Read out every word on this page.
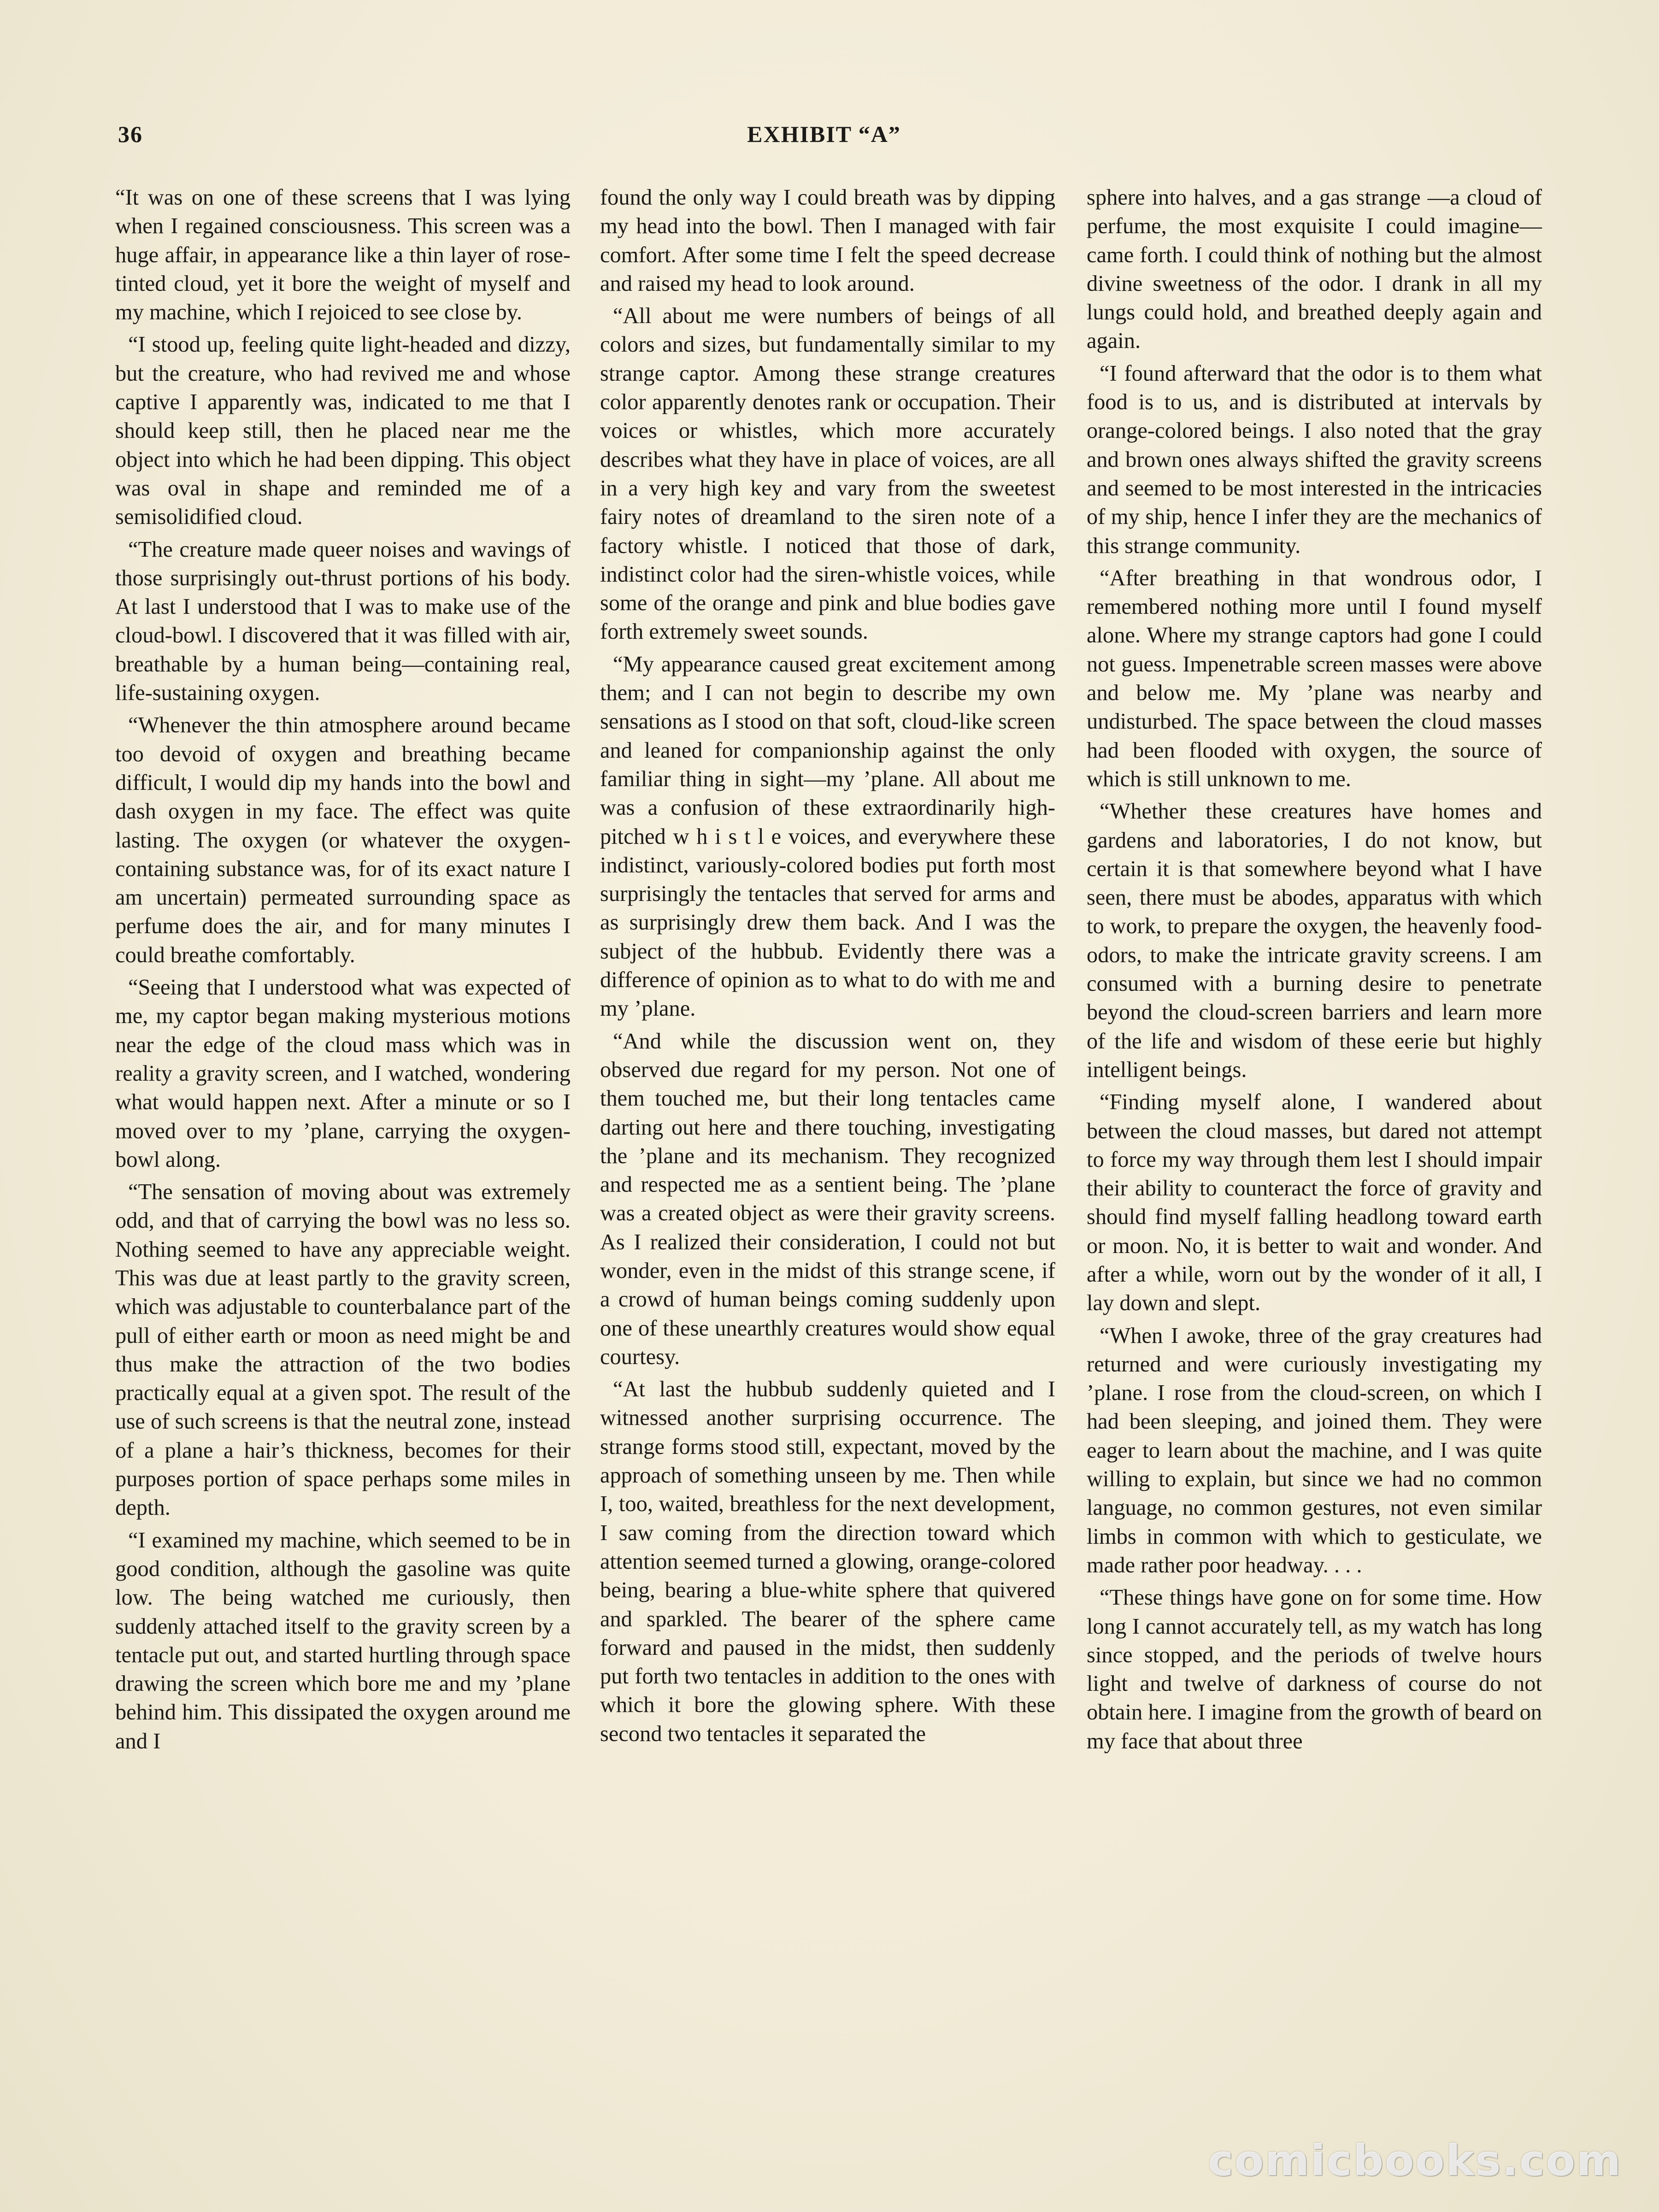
36	EXHIBIT “A”

“It was on one of these screens that I was lying when I regained consciousness. This screen was a huge affair, in appearance like a thin layer of rose-tinted cloud, yet it bore the weight of myself and my machine, which I rejoiced to see close by.

“I stood up, feeling quite light-headed and dizzy, but the creature, who had revived me and whose captive I apparently was, indicated to me that I should keep still, then he placed near me the object into which he had been dipping. This object was oval in shape and reminded me of a semisolidified cloud.

“The creature made queer noises and wavings of those surprisingly out-thrust portions of his body. At last I understood that I was to make use of the cloud-bowl. I discovered that it was filled with air, breathable by a human being—containing real, life-sustaining oxygen.

“Whenever the thin atmosphere around became too devoid of oxygen and breathing became difficult, I would dip my hands into the bowl and dash oxygen in my face. The effect was quite lasting. The oxygen (or whatever the oxygen-containing substance was, for of its exact nature I am uncertain) permeated surrounding space as perfume does the air, and for many minutes I could breathe comfortably.

“Seeing that I understood what was expected of me, my captor began making mysterious motions near the edge of the cloud mass which was in reality a gravity screen, and I watched, wondering what would happen next. After a minute or so I moved over to my ’plane, carrying the oxygen-bowl along.

“The sensation of moving about was extremely odd, and that of carrying the bowl was no less so. Nothing seemed to have any appreciable weight. This was due at least partly to the gravity screen, which was adjustable to counterbalance part of the pull of either earth or moon as need might be and thus make the attraction of the two bodies practically equal at a given spot. The result of the use of such screens is that the neutral zone, instead of a plane a hair’s thickness, becomes for their purposes portion of space perhaps some miles in depth.

“I examined my machine, which seemed to be in good condition, although the gasoline was quite low. The being watched me curiously, then suddenly attached itself to the gravity screen by a tentacle put out, and started hurtling through space drawing the screen which bore me and my ’plane behind him. This dissipated the oxygen around me and I

found the only way I could breath was by dipping my head into the bowl. Then I managed with fair comfort. After some time I felt the speed decrease and raised my head to look around.

“All about me were numbers of beings of all colors and sizes, but fundamentally similar to my strange captor. Among these strange creatures color apparently denotes rank or occupation. Their voices or whistles, which more accurately describes what they have in place of voices, are all in a very high key and vary from the sweetest fairy notes of dreamland to the siren note of a factory whistle. I noticed that those of dark, indistinct color had the siren-whistle voices, while some of the orange and pink and blue bodies gave forth extremely sweet sounds.

“My appearance caused great excitement among them; and I can not begin to describe my own sensations as I stood on that soft, cloud-like screen and leaned for companionship against the only familiar thing in sight—my ’plane. All about me was a confusion of these extraordinarily high-pitched w h i s t l e voices, and everywhere these indistinct, variously-colored bodies put forth most surprisingly the tentacles that served for arms and as surprisingly drew them back. And I was the subject of the hubbub. Evidently there was a difference of opinion as to what to do with me and my ’plane.

“And while the discussion went on, they observed due regard for my person. Not one of them touched me, but their long tentacles came darting out here and there touching, investigating the ’plane and its mechanism. They recognized and respected me as a sentient being. The ’plane was a created object as were their gravity screens. As I realized their consideration, I could not but wonder, even in the midst of this strange scene, if a crowd of human beings coming suddenly upon one of these unearthly creatures would show equal courtesy.

“At last the hubbub suddenly quieted and I witnessed another surprising occurrence. The strange forms stood still, expectant, moved by the approach of something unseen by me. Then while I, too, waited, breathless for the next development, I saw coming from the direction toward which attention seemed turned a glowing, orange-colored being, bearing a blue-white sphere that quivered and sparkled. The bearer of the sphere came forward and paused in the midst, then suddenly put forth two tentacles in addition to the ones with which it bore the glowing sphere. With these second two tentacles it separated the

sphere into halves, and a gas strange —a cloud of perfume, the most exquisite I could imagine—came forth. I could think of nothing but the almost divine sweetness of the odor. I drank in all my lungs could hold, and breathed deeply again and again.

“I found afterward that the odor is to them what food is to us, and is distributed at intervals by orange-colored beings. I also noted that the gray and brown ones always shifted the gravity screens and seemed to be most interested in the intricacies of my ship, hence I infer they are the mechanics of this strange community.

“After breathing in that wondrous odor, I remembered nothing more until I found myself alone. Where my strange captors had gone I could not guess. Impenetrable screen masses were above and below me. My ’plane was nearby and undisturbed. The space between the cloud masses had been flooded with oxygen, the source of which is still unknown to me.

“Whether these creatures have homes and gardens and laboratories, I do not know, but certain it is that somewhere beyond what I have seen, there must be abodes, apparatus with which to work, to prepare the oxygen, the heavenly food-odors, to make the intricate gravity screens. I am consumed with a burning desire to penetrate beyond the cloud-screen barriers and learn more of the life and wisdom of these eerie but highly intelligent beings.

“Finding myself alone, I wandered about between the cloud masses, but dared not attempt to force my way through them lest I should impair their ability to counteract the force of gravity and should find myself falling headlong toward earth or moon. No, it is better to wait and wonder. And after a while, worn out by the wonder of it all, I lay down and slept.

“When I awoke, three of the gray creatures had returned and were curiously investigating my ’plane. I rose from the cloud-screen, on which I had been sleeping, and joined them. They were eager to learn about the machine, and I was quite willing to explain, but since we had no common language, no common gestures, not even similar limbs in common with which to gesticulate, we made rather poor headway. . . .

“These things have gone on for some time. How long I cannot accurately tell, as my watch has long since stopped, and the periods of twelve hours light and twelve of darkness of course do not obtain here. I imagine from the growth of beard on my face that about three

comicbooks.com
